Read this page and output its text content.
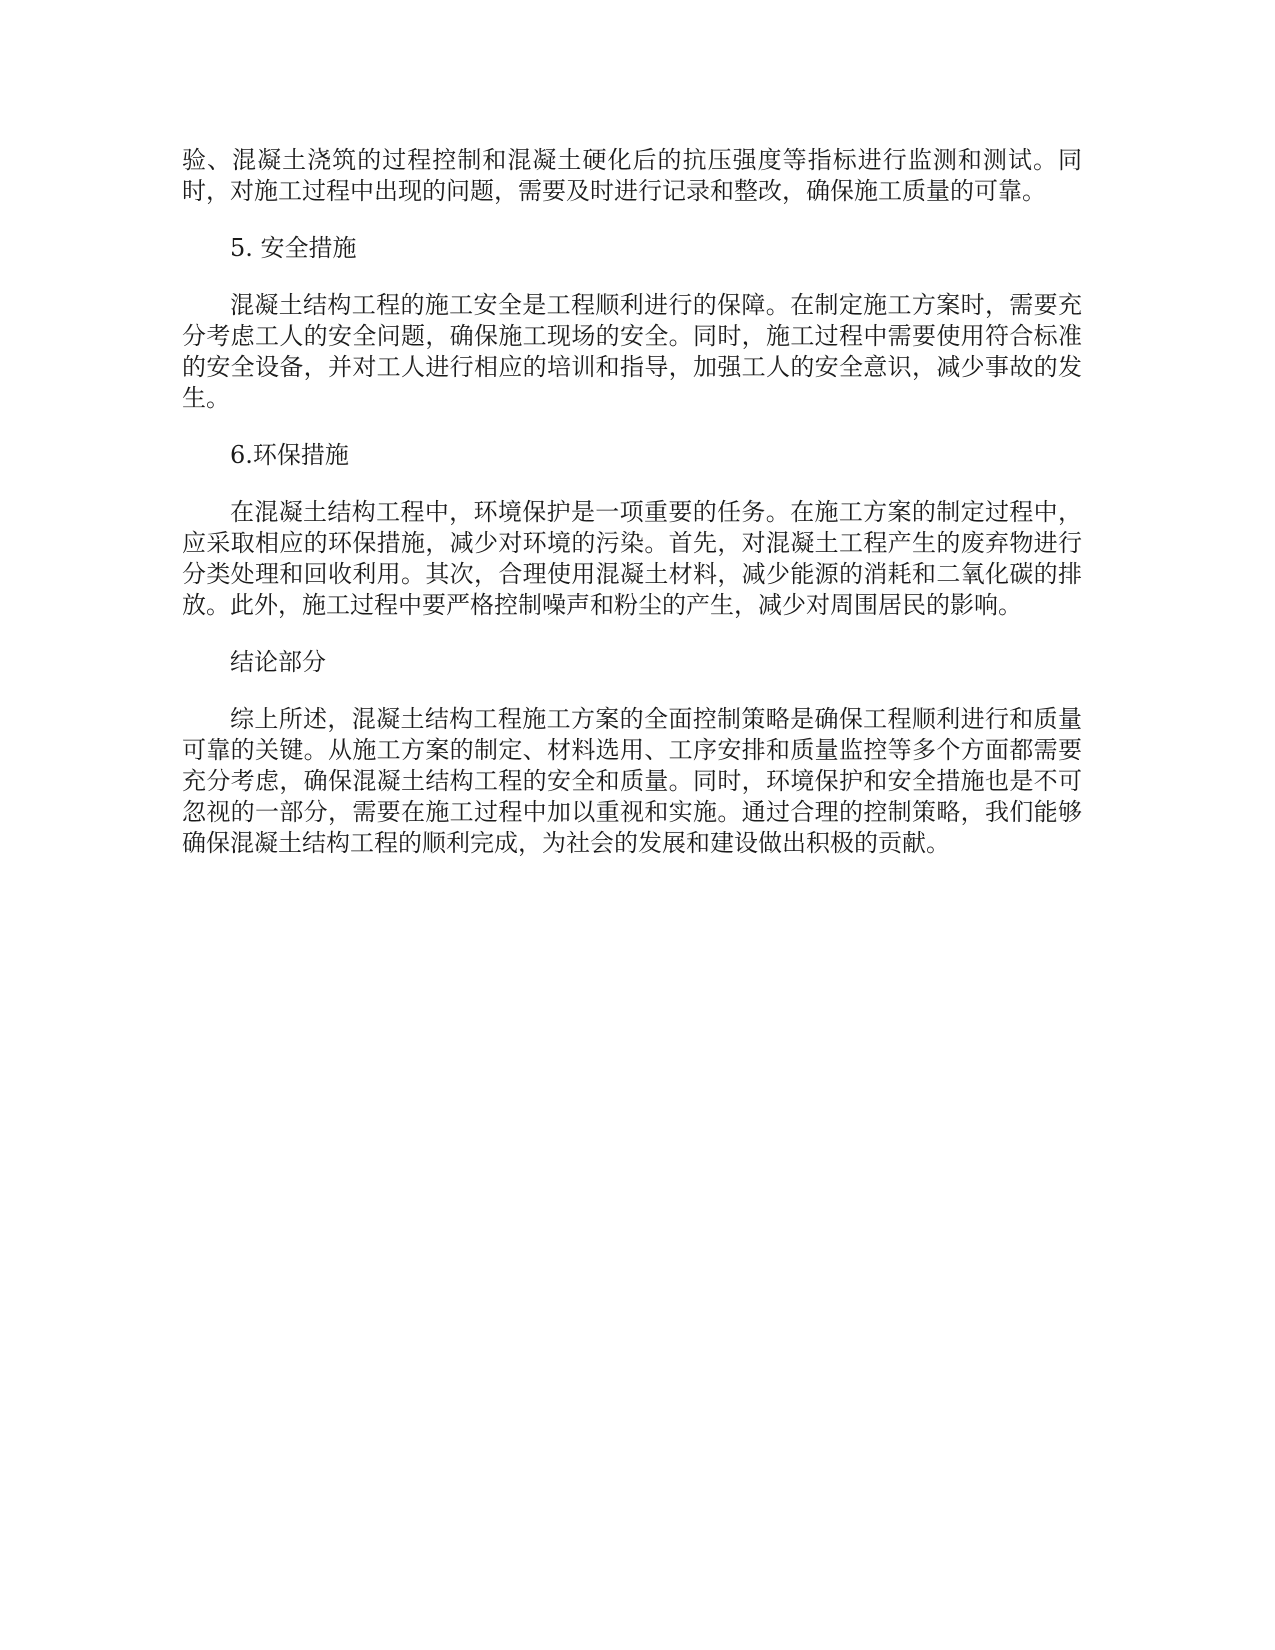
验、混凝土浇筑的过程控制和混凝土硬化后的抗压强度等指标进行监测和测试。同时，对施工过程中出现的问题，需要及时进行记录和整改，确保施工质量的可靠。

5. 安全措施

混凝土结构工程的施工安全是工程顺利进行的保障。在制定施工方案时，需要充分考虑工人的安全问题，确保施工现场的安全。同时，施工过程中需要使用符合标准的安全设备，并对工人进行相应的培训和指导，加强工人的安全意识，减少事故的发生。

6.环保措施

在混凝土结构工程中，环境保护是一项重要的任务。在施工方案的制定过程中，应采取相应的环保措施，减少对环境的污染。首先，对混凝土工程产生的废弃物进行分类处理和回收利用。其次，合理使用混凝土材料，减少能源的消耗和二氧化碳的排放。此外，施工过程中要严格控制噪声和粉尘的产生，减少对周围居民的影响。

结论部分

综上所述，混凝土结构工程施工方案的全面控制策略是确保工程顺利进行和质量可靠的关键。从施工方案的制定、材料选用、工序安排和质量监控等多个方面都需要充分考虑，确保混凝土结构工程的安全和质量。同时，环境保护和安全措施也是不可忽视的一部分，需要在施工过程中加以重视和实施。通过合理的控制策略，我们能够确保混凝土结构工程的顺利完成，为社会的发展和建设做出积极的贡献。
